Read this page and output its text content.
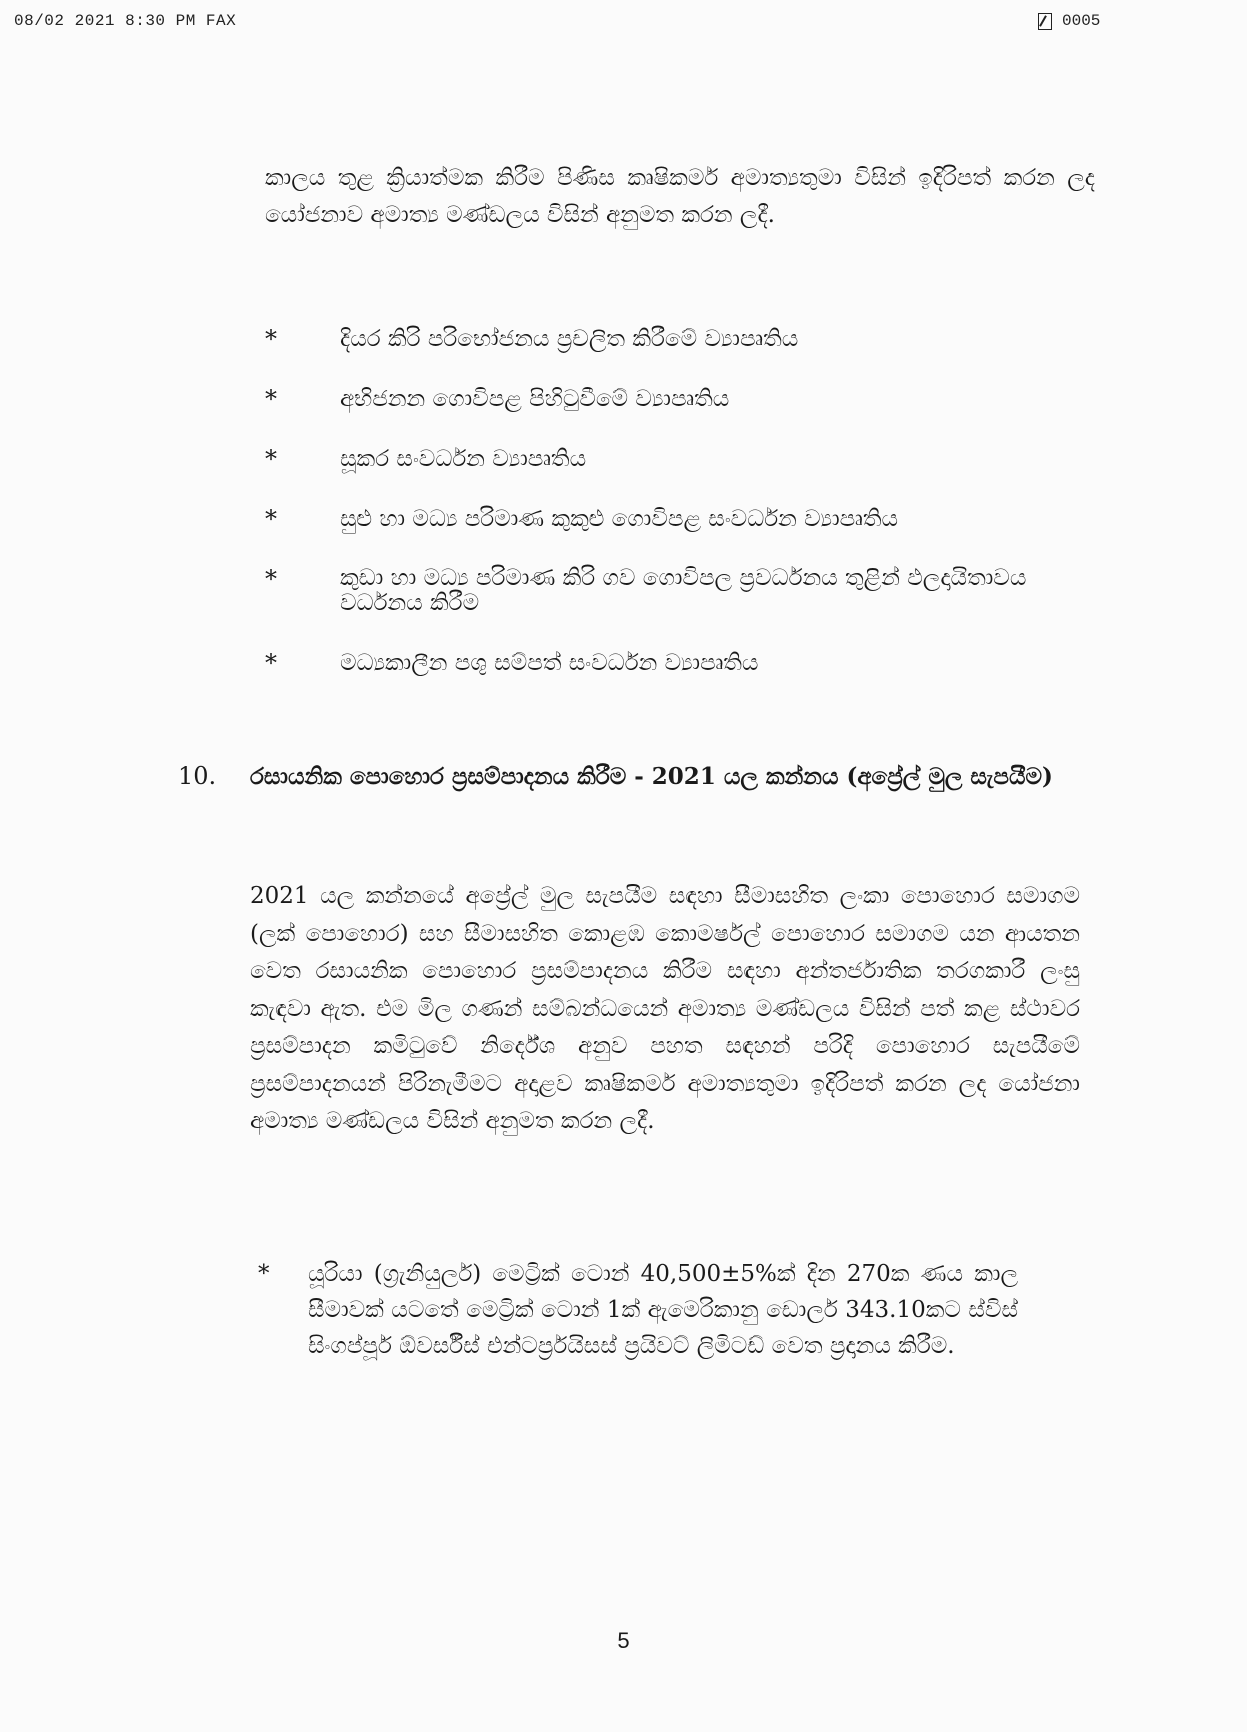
08/02 2021 8:30 PM FAX	0005
කාලය තුළ ක්‍රියාත්මක කිරීම පිණිස කෘෂිකර්ම අමාත්‍යතුමා විසින් ඉදිරිපත් කරන ලද යෝජනාව අමාත්‍ය මණ්ඩලය විසින් අනුමත කරන ලදී.
*	දියර කිරි පරිභෝජනය ප්‍රචලිත කිරීමේ ව්‍යාපෘතිය
*	අභිජනන ගොවිපළ පිහිටුවීමේ ව්‍යාපෘතිය
*	සූකර සංවර්ධන ව්‍යාපෘතිය
*	සුළු හා මධ්‍ය පරිමාණ කුකුළු ගොවිපළ සංවර්ධන ව්‍යාපෘතිය
*	කුඩා හා මධ්‍ය පරිමාණ කිරි ගව ගොවිපල ප්‍රවර්ධනය තුළින් ඵලදායිතාවය වර්ධනය කිරීම
*	මධ්‍යකාලීන පශු සම්පත් සංවර්ධන ව්‍යාපෘතිය
10.	රසායනික පොහොර ප්‍රසම්පාදනය කිරීම - 2021 යල කන්නය (අප්‍රේල් මුල සැපයීම)
2021 යල කන්නයේ අප්‍රේල් මුල සැපයීම සඳහා සීමාසහිත ලංකා පොහොර සමාගම (ලක් පොහොර) සහ සීමාසහිත කොළඹ කොමර්ෂල් පොහොර සමාගම යන ආයතන වෙත රසායනික පොහොර ප්‍රසම්පාදනය කිරීම සඳහා අන්තර්ජාතික තරගකාරී ලංසු කැඳවා ඇත. එම මිල ගණන් සම්බන්ධයෙන් අමාත්‍ය මණ්ඩලය විසින් පත් කළ ස්ථාවර ප්‍රසම්පාදන කමිටුවේ නිර්දේශ අනුව පහත සඳහන් පරිදි පොහොර සැපයීමේ ප්‍රසම්පාදනයන් පිරිනැමීමට අදාළව කෘෂිකර්ම අමාත්‍යතුමා ඉදිරිපත් කරන ලද යෝජනා අමාත්‍ය මණ්ඩලය විසින් අනුමත කරන ලදී.
*	යූරියා (ග්‍රැනියුලර්) මෙට්‍රික් ටොන් 40,500±5%ක් දින 270ක ණය කාල සීමාවක් යටතේ මෙට්‍රික් ටොන් 1ක් ඇමෙරිකානු ඩොලර් 343.10කට ස්විස් සිංගප්පූර් ඕවර්සීස් එන්ටර්ප්‍රයිසස් ප්‍රයිවට් ලිමිටඩ් වෙත ප්‍රදානය කිරීම.
5
